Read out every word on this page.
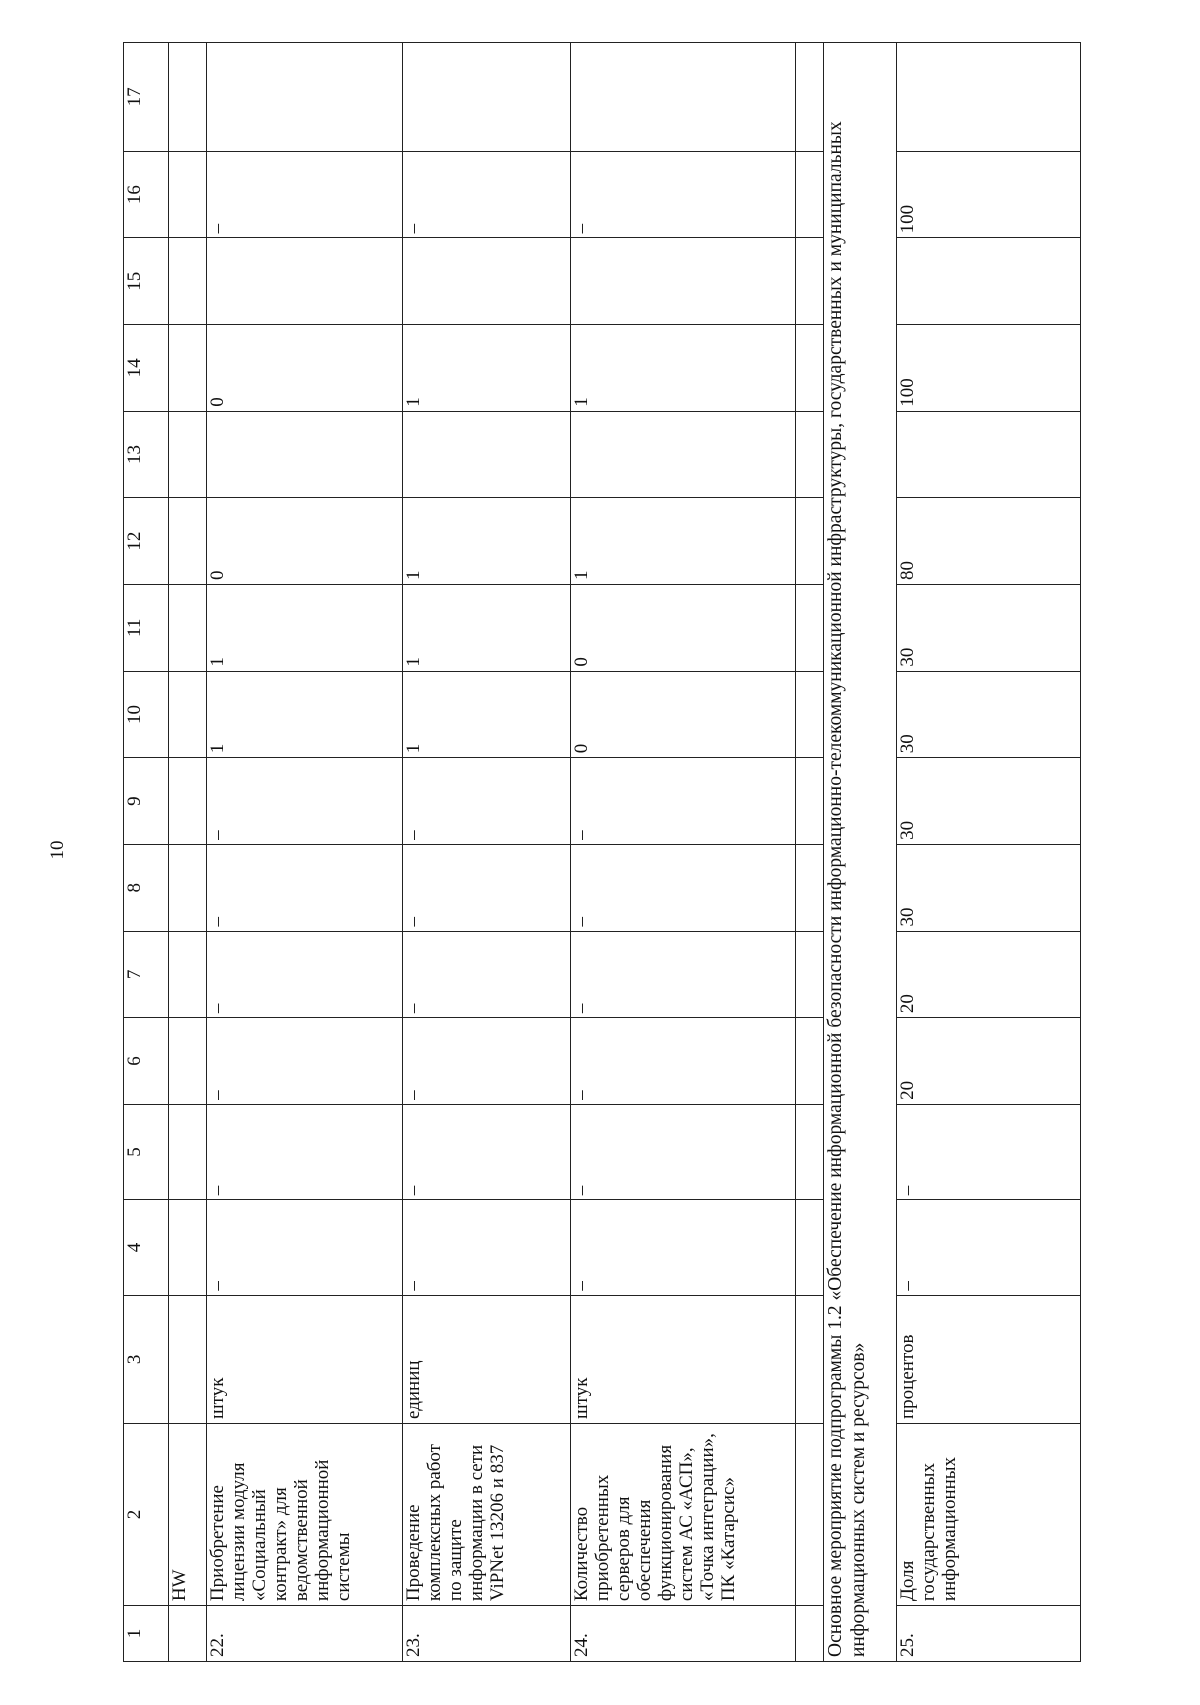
10
1	2	3	4	5	6	7	8	9	10	11	12	13	14	15	16	17
	HW															
22.	Приобретение лицензии модуля «Социальный контракт» для ведомственной информационной системы	штук	–	–	–	–	–	–	1	1	0		0		–	
23.	Проведение комплексных работ по защите информации в сети ViPNet 13206 и 837	единиц	–	–	–	–	–	–	1	1	1		1		–	
24.	Количество приобретенных серверов для обеспечения функционирования систем АС «АСП», «Точка интеграции», ПК «Катарсис»	штук	–	–	–	–	–	–	0	0	1		1		–	

Основное мероприятие подпрограммы 1.2 «Обеспечение информационной безопасности информационно-телекоммуникационной инфраструктуры, государственных и муниципальных информационных систем и ресурсов»																
25.	Доля государственных информационных	процентов	–	–	20	20	30	30	30	30	80		100		100	
